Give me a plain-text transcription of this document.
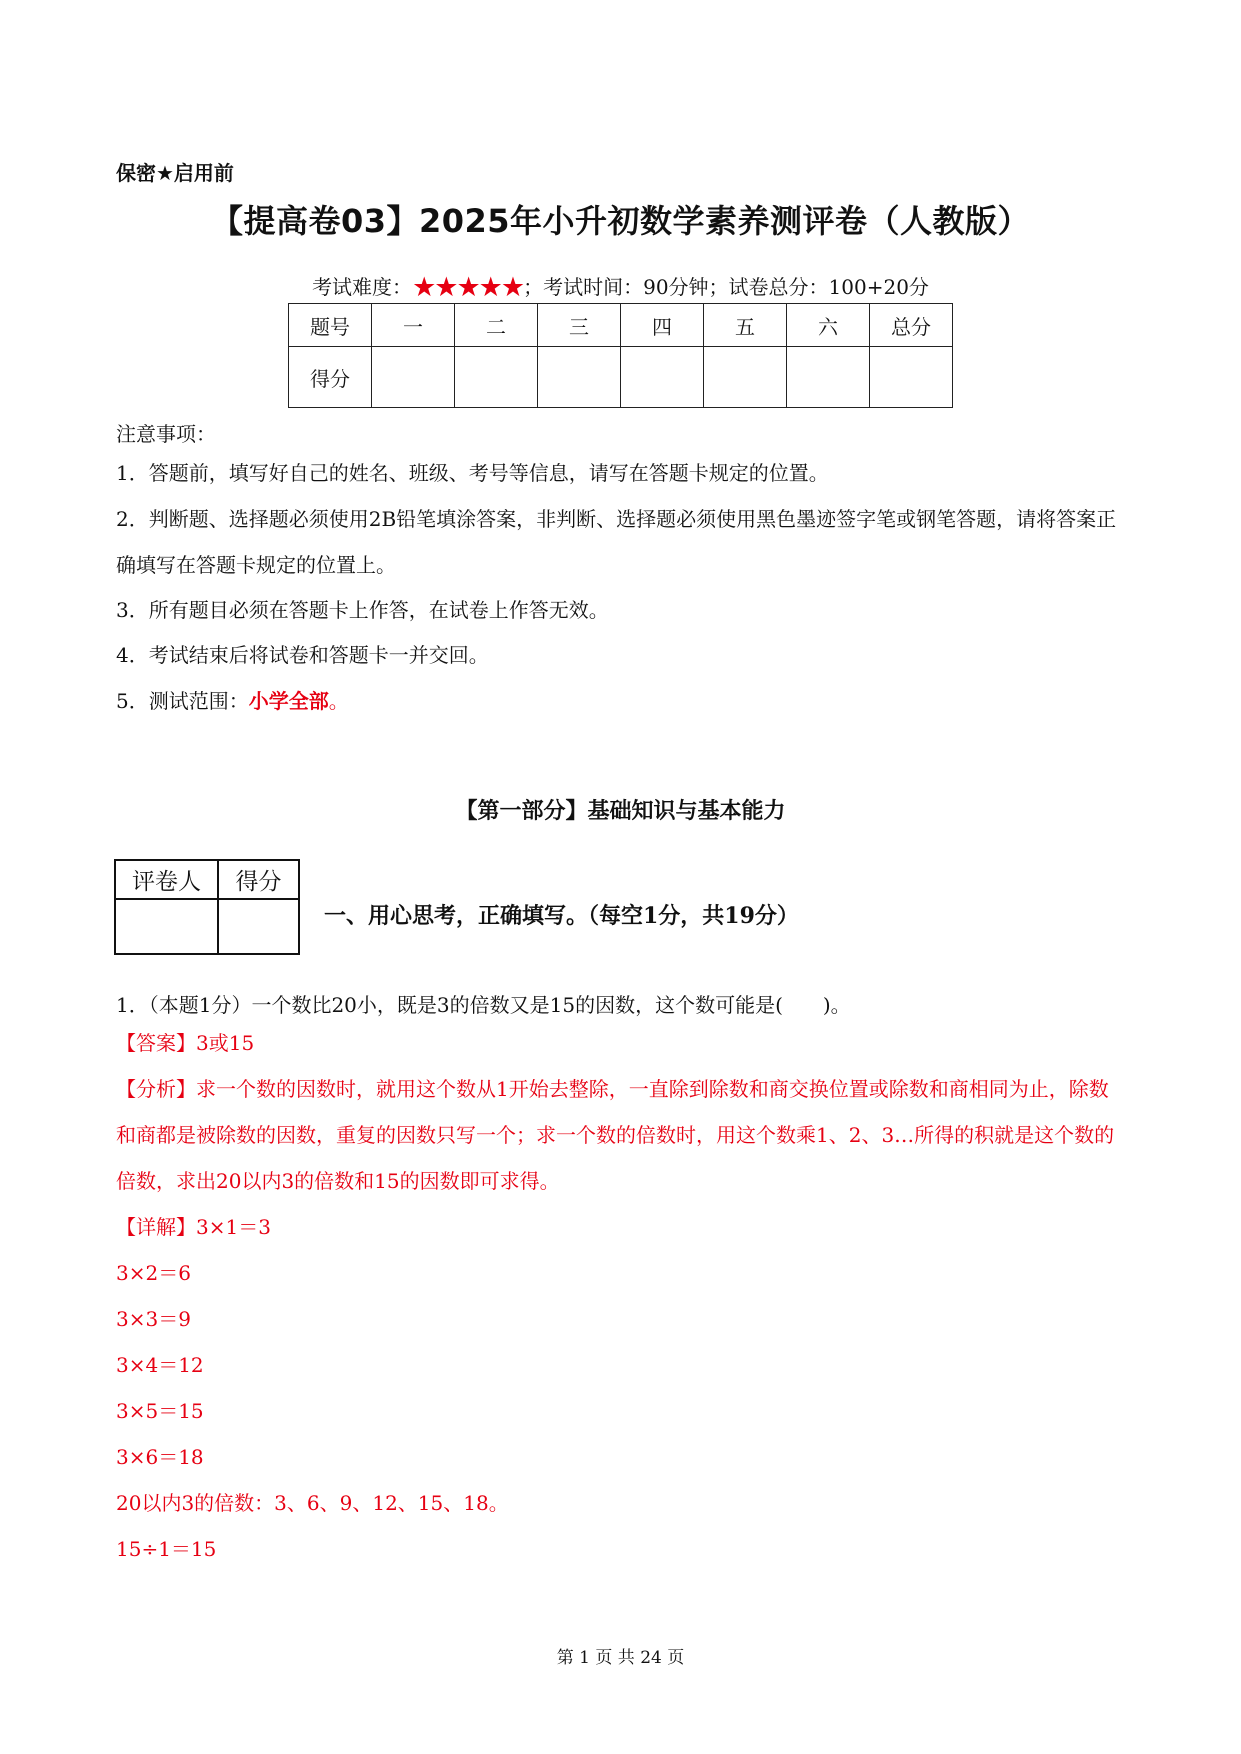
保密★启用前
【提高卷03】2025年小升初数学素养测评卷（人教版）
考试难度：★★★★★；考试时间：90分钟；试卷总分：100+20分
题号	一	二	三	四	五	六	总分
得分							
注意事项：
1．答题前，填写好自己的姓名、班级、考号等信息，请写在答题卡规定的位置。
2．判断题、选择题必须使用2B铅笔填涂答案，非判断、选择题必须使用黑色墨迹签字笔或钢笔答题，请将答案正确填写在答题卡规定的位置上。
3．所有题目必须在答题卡上作答，在试卷上作答无效。
4．考试结束后将试卷和答题卡一并交回。
5．测试范围：小学全部。
【第一部分】基础知识与基本能力
评卷人	得分

一、用心思考，正确填写。（每空1分，共19分）
1．（本题1分）一个数比20小，既是3的倍数又是15的因数，这个数可能是(　　)。
【答案】3或15
【分析】求一个数的因数时，就用这个数从1开始去整除，一直除到除数和商交换位置或除数和商相同为止，除数和商都是被除数的因数，重复的因数只写一个；求一个数的倍数时，用这个数乘1、2、3…所得的积就是这个数的倍数，求出20以内3的倍数和15的因数即可求得。
【详解】3×1＝3
3×2＝6
3×3＝9
3×4＝12
3×5＝15
3×6＝18
20以内3的倍数：3、6、9、12、15、18。
15÷1＝15
第 1 页 共 24 页
